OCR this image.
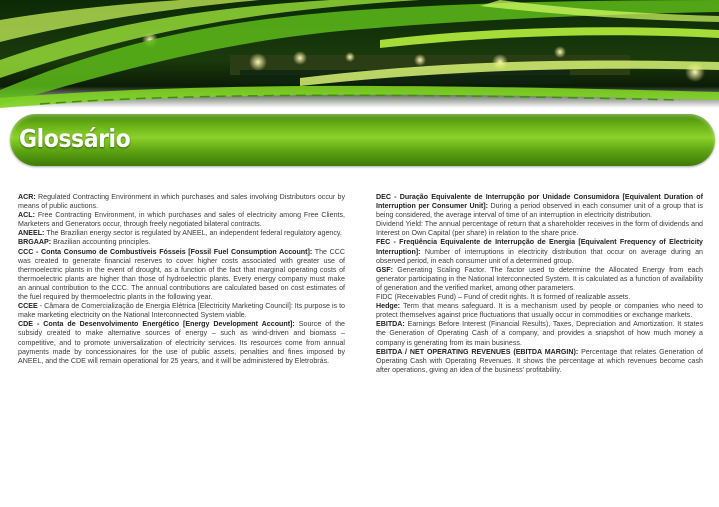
Glossário

ACR: Regulated Contracting Environment in which purchases and sales involving Distributors occur by means of public auctions.

ACL: Free Contracting Environment, in which purchases and sales of electricity among Free Clients, Marketers and Generators occur, through freely negotiated bilateral contracts.

ANEEL: The Brazilian energy sector is regulated by ANEEL, an independent federal regulatory agency.

BRGAAP: Brazilian accounting principles.

CCC - Conta Consumo de Combustíveis Fósseis [Fossil Fuel Consumption Account]: The CCC was created to generate financial reserves to cover higher costs associated with greater use of thermoelectric plants in the event of drought, as a function of the fact that marginal operating costs of thermoelectric plants are higher than those of hydroelectric plants. Every energy company must make an annual contribution to the CCC. The annual contributions are calculated based on cost estimates of the fuel required by thermoelectric plants in the following year.

CCEE - Câmara de Comercialização de Energia Elétrica [Electricity Marketing Council]: Its purpose is to make marketing electricity on the National Interconnected System viable.

CDE - Conta de Desenvolvimento Energético [Energy Development Account]: Source of the subsidy created to make alternative sources of energy – such as wind-driven and biomass – competitive, and to promote universalization of electricity services. Its resources come from annual payments made by concessionaires for the use of public assets, penalties and fines imposed by ANEEL, and the CDE will remain operational for 25 years, and it will be administered by Eletrobrás.

DEC - Duração Equivalente de Interrupção por Unidade Consumidora [Equivalent Duration of Interruption per Consumer Unit]: During a period observed in each consumer unit of a group that is being considered, the average interval of time of an interruption in electricity distribution.

Dividend Yield: The annual percentage of return that a shareholder receives in the form of dividends and Interest on Own Capital (per share) in relation to the share price.

FEC - Freqüência Equivalente de Interrupção de Energia [Equivalent Frequency of Electricity Interruption]: Number of interruptions in electricity distribution that occur on average during an observed period, in each consumer unit of a determined group.

GSF: Generating Scaling Factor. The factor used to determine the Allocated Energy from each generator participating in the National Interconnected System. It is calculated as a function of availability of generation and the verified market, among other parameters.

FIDC (Receivables Fund) – Fund of credit rights. It is formed of realizable assets.

Hedge: Term that means safeguard. It is a mechanism used by people or companies who need to protect themselves against price fluctuations that usually occur in commodities or exchange markets.

EBITDA: Earnings Before Interest (Financial Results), Taxes, Depreciation and Amortization. It states the Generation of Operating Cash of a company, and provides a snapshot of how much money a company is generating from its main business.

EBITDA / NET OPERATING REVENUES (EBITDA MARGIN): Percentage that relates Generation of Operating Cash with Operating Revenues. It shows the percentage at which revenues become cash after operations, giving an idea of the business' profitability.
